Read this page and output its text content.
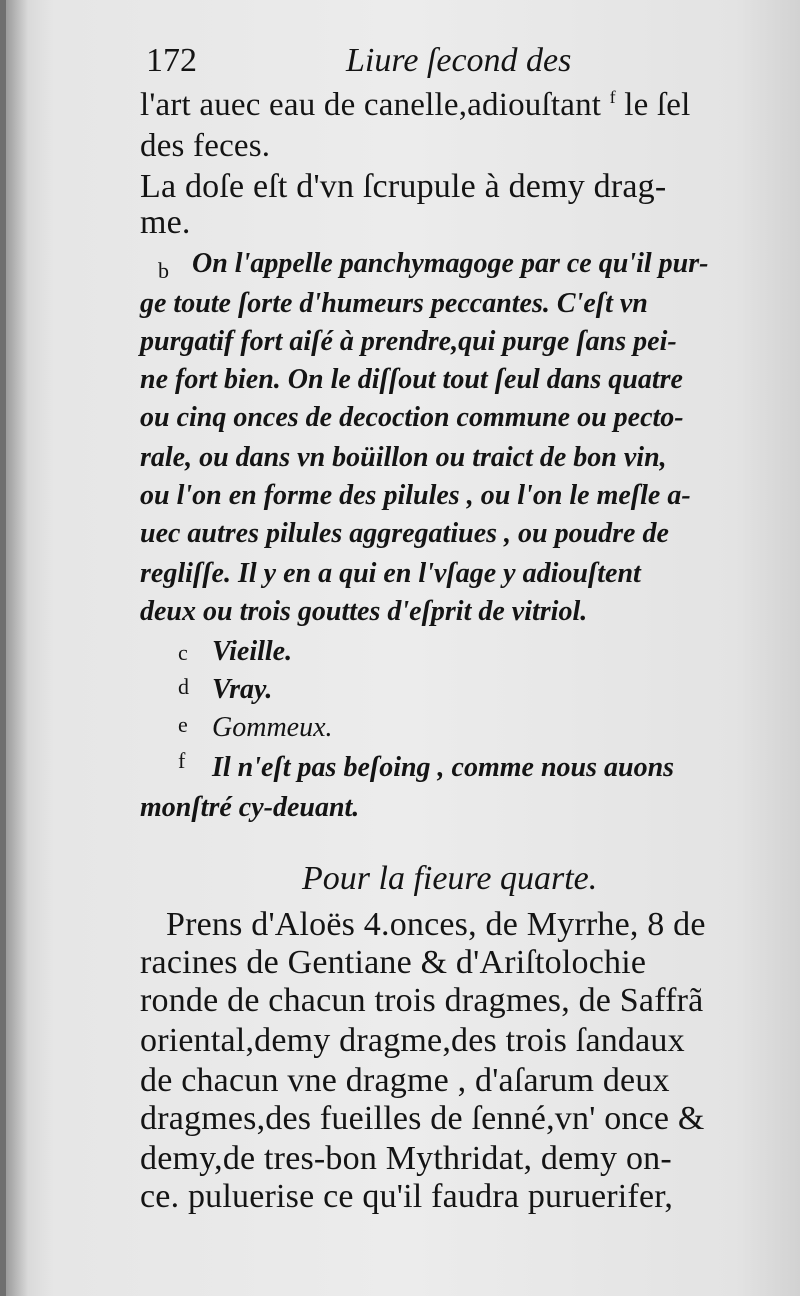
172	Liure ſecond des
l'art auec eau de canelle,adiouſtant $^f$ le ſel
des feces.
La doſe eſt d'vn ſcrupule à demy drag-
me.
b On l'appelle panchymagoge par ce qu'il pur-
ge toute ſorte d'humeurs peccantes. C'eſt vn
purgatif fort aiſé à prendre,qui purge ſans pei-
ne fort bien. On le diſſout tout ſeul dans quatre
ou cinq onces de decoction commune ou pecto-
rale, ou dans vn boüillon ou traict de bon vin,
ou l'on en forme des pilules , ou l'on le meſle a-
uec autres pilules aggregatiues , ou poudre de
regliſſe. Il y en a qui en l'vſage y adiouſtent
deux ou trois gouttes d'eſprit de vitriol.
c Vieille.
d Vray.
e Gommeux.
f Il n'eſt pas beſoing , comme nous auons
monſtré cy-deuant.
Pour la fieure quarte.
Prens d'Aloës 4.onces, de Myrrhe, 8 de
racines de Gentiane & d'Ariſtolochie
ronde de chacun trois dragmes, de Saffrã
oriental,demy dragme,des trois ſandaux
de chacun vne dragme , d'aſarum deux
dragmes,des fueilles de ſenné,vn' once &
demy,de tres-bon Mythridat, demy on-
ce. puluerise ce qu'il faudra puruerifer,
